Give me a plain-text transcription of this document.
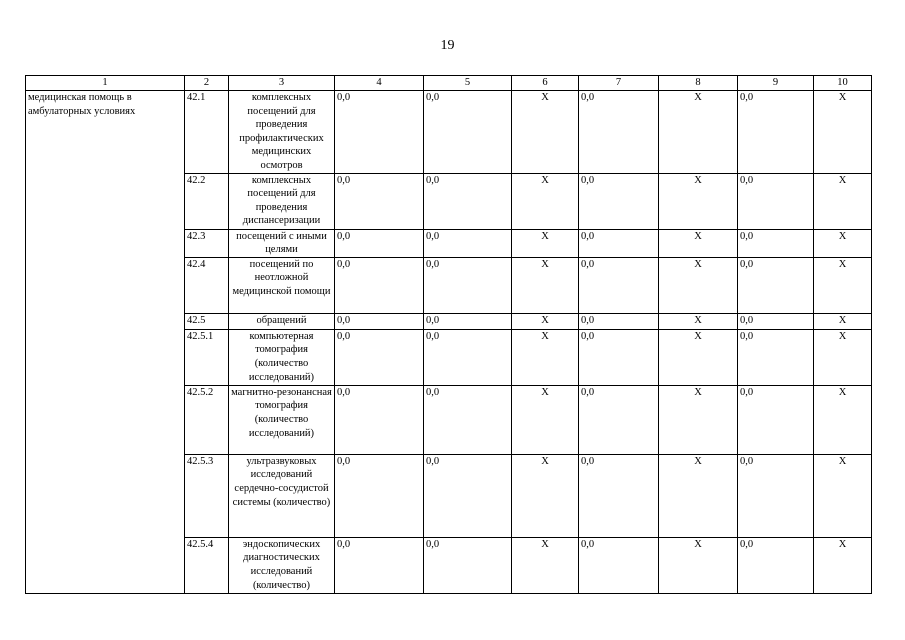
19
1	2	3	4	5	6	7	8	9	10
медицинская помощь в амбулаторных условиях	42.1	комплексных посещений для проведения профилактических медицинских осмотров	0,0	0,0	X	0,0	X	0,0	X
	42.2	комплексных посещений для проведения диспансеризации	0,0	0,0	X	0,0	X	0,0	X
	42.3	посещений с иными целями	0,0	0,0	X	0,0	X	0,0	X
	42.4	посещений по неотложной медицинской помощи	0,0	0,0	X	0,0	X	0,0	X
	42.5	обращений	0,0	0,0	X	0,0	X	0,0	X
	42.5.1	компьютерная томография (количество исследований)	0,0	0,0	X	0,0	X	0,0	X
	42.5.2	магнитно-резонансная томография (количество исследований)	0,0	0,0	X	0,0	X	0,0	X
	42.5.3	ультразвуковых исследований сердечно-сосудистой системы (количество)	0,0	0,0	X	0,0	X	0,0	X
	42.5.4	эндоскопических диагностических исследований (количество)	0,0	0,0	X	0,0	X	0,0	X
